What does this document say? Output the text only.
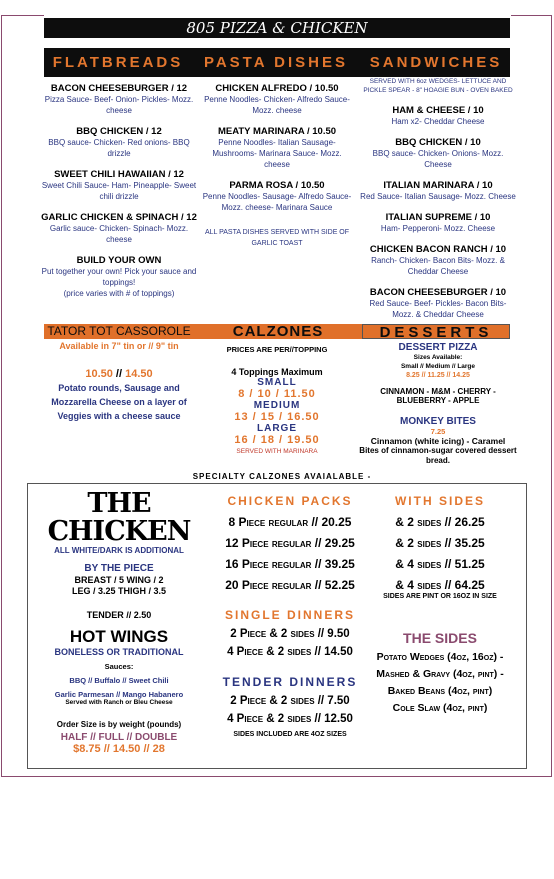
805 PIZZA & CHICKEN
FLATBREADS	PASTA DISHES	SANDWICHES
BACON CHEESEBURGER / 12
Pizza Sauce- Beef- Onion- Pickles- Mozz. cheese
BBQ CHICKEN / 12
BBQ sauce- Chicken- Red onions- BBQ drizzle
SWEET CHILI HAWAIIAN / 12
Sweet Chili Sauce- Ham- Pineapple- Sweet chili drizzle
GARLIC CHICKEN & SPINACH / 12
Garlic sauce- Chicken- Spinach- Mozz. cheese
BUILD YOUR OWN
Put together your own! Pick your sauce and toppings!
(price varies with # of toppings)
CHICKEN ALFREDO / 10.50
Penne Noodles- Chicken- Alfredo Sauce- Mozz. cheese
MEATY MARINARA / 10.50
Penne Noodles- Italian Sausage- Mushrooms- Marinara Sauce- Mozz. cheese
PARMA ROSA / 10.50
Penne Noodles- Sausage- Alfredo Sauce- Mozz. cheese- Marinara Sauce
ALL PASTA DISHES SERVED WITH SIDE OF GARLIC TOAST
SERVED WITH 6oz WEDGES- LETTUCE AND PICKLE SPEAR - 8" HOAGIE BUN - OVEN BAKED
HAM & CHEESE / 10
Ham x2- Cheddar Cheese
BBQ CHICKEN / 10
BBQ sauce- Chicken- Onions- Mozz. Cheese
ITALIAN MARINARA / 10
Red Sauce- Italian Sausage- Mozz. Cheese
ITALIAN SUPREME / 10
Ham- Pepperoni- Mozz. Cheese
CHICKEN BACON RANCH / 10
Ranch- Chicken- Bacon Bits- Mozz. & Cheddar Cheese
BACON CHEESEBURGER / 10
Red Sauce- Beef- Pickles- Bacon Bits- Mozz. & Cheddar Cheese
TATOR TOT CASSOROLE	CALZONES	DESSERTS
Available in 7" tin or // 9" tin
10.50 // 14.50
Potato rounds, Sausage and Mozzarella Cheese on a layer of Veggies with a cheese sauce
PRICES ARE PER//TOPPING
4 Toppings Maximum
SMALL
8 / 10 / 11.50
MEDIUM
13 / 15 / 16.50
LARGE
16 / 18 / 19.50
SERVED WITH MARINARA
SPECIALTY CALZONES AVAIALABLE -
DESSERT PIZZA
Sizes Available:
Small // Medium // Large
8.25 // 11.25 // 14.25
CINNAMON - M&M - CHERRY -
BLUEBERRY - APPLE
MONKEY BITES
7.25
Cinnamon (white icing) - Caramel
Bites of cinnamon-sugar covered dessert bread.
THE CHICKEN
ALL WHITE/DARK IS ADDITIONAL
BY THE PIECE
BREAST / 5 WING / 2
LEG / 3.25 THIGH / 3.5
TENDER // 2.50
HOT WINGS
BONELESS OR TRADITIONAL
Sauces:
BBQ // Buffalo // Sweet Chili
Garlic Parmesan // Mango Habanero
Served with Ranch or Bleu Cheese
Order Size is by weight (pounds)
HALF // FULL // DOUBLE
$8.75 // 14.50 // 28
CHICKEN PACKS
8 Piece regular // 20.25
12 Piece regular // 29.25
16 Piece regular // 39.25
20 Piece regular // 52.25
SINGLE DINNERS
2 Piece & 2 sides // 9.50
4 Piece & 2 sides // 14.50
TENDER DINNERS
2 Piece & 2 sides // 7.50
4 Piece & 2 sides // 12.50
SIDES INCLUDED ARE 4OZ SIZES
WITH SIDES
& 2 sides // 26.25
& 2 sides // 35.25
& 4 sides // 51.25
& 4 sides // 64.25
SIDES ARE PINT OR 16OZ IN SIZE
THE SIDES
Potato Wedges (4oz, 16oz) -
Mashed & Gravy (4oz, pint) -
Baked Beans (4oz, pint)
Cole Slaw (4oz, pint)
